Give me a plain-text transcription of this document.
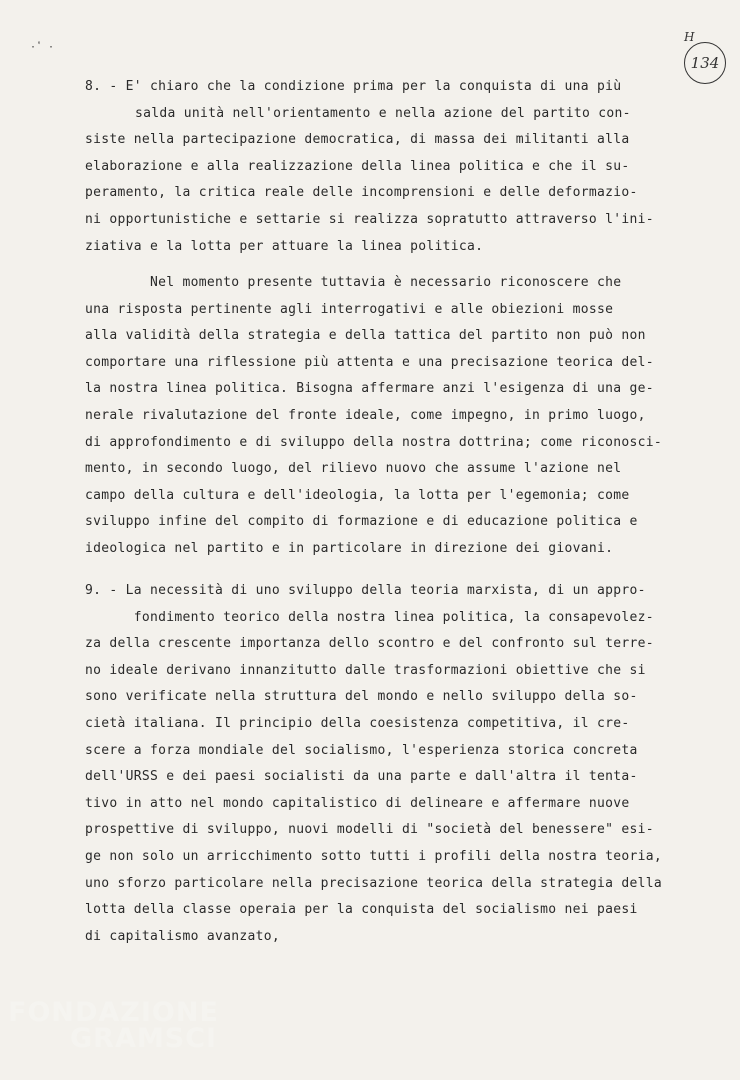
·ʽ ·
H
134
8. - E' chiaro che la condizione prima per la conquista di una più
salda unità nell'orientamento e nella azione del partito con-
siste nella partecipazione democratica, di massa dei militanti alla
elaborazione e alla realizzazione della linea politica e che il su-
peramento, la critica reale delle incomprensioni e delle deformazio-
ni opportunistiche e settarie si realizza sopratutto attraverso l'ini-
ziativa e la lotta per attuare la linea politica.
Nel momento presente tuttavia è necessario riconoscere che
una risposta pertinente agli interrogativi e alle obiezioni mosse
alla validità della strategia e della tattica del partito non può non
comportare una riflessione più attenta e una precisazione teorica del-
la nostra linea politica. Bisogna affermare anzi l'esigenza di una ge-
nerale rivalutazione del fronte ideale, come impegno, in primo luogo,
di approfondimento e di sviluppo della nostra dottrina; come riconosci-
mento, in secondo luogo, del rilievo nuovo che assume l'azione nel
campo della cultura e dell'ideologia, la lotta per l'egemonia; come
sviluppo infine del compito di formazione e di educazione politica e
ideologica nel partito e in particolare in direzione dei giovani.
9. - La necessità di uno sviluppo della teoria marxista, di un appro-
fondimento teorico della nostra linea politica, la consapevolez-
za della crescente importanza dello scontro e del confronto sul terre-
no ideale derivano innanzitutto dalle trasformazioni obiettive che si
sono verificate nella struttura del mondo e nello sviluppo della so-
cietà italiana. Il principio della coesistenza competitiva, il cre-
scere a forza mondiale del socialismo, l'esperienza storica concreta
dell'URSS e dei paesi socialisti da una parte e dall'altra il tenta-
tivo in atto nel mondo capitalistico di delineare e affermare nuove
prospettive di sviluppo, nuovi modelli di "società del benessere" esi-
ge non solo un arricchimento sotto tutti i profili della nostra teoria,
uno sforzo particolare nella precisazione teorica della strategia della
lotta della classe operaia per la conquista del socialismo nei paesi
di capitalismo avanzato,
FONDAZIONE
GRAMSCI
